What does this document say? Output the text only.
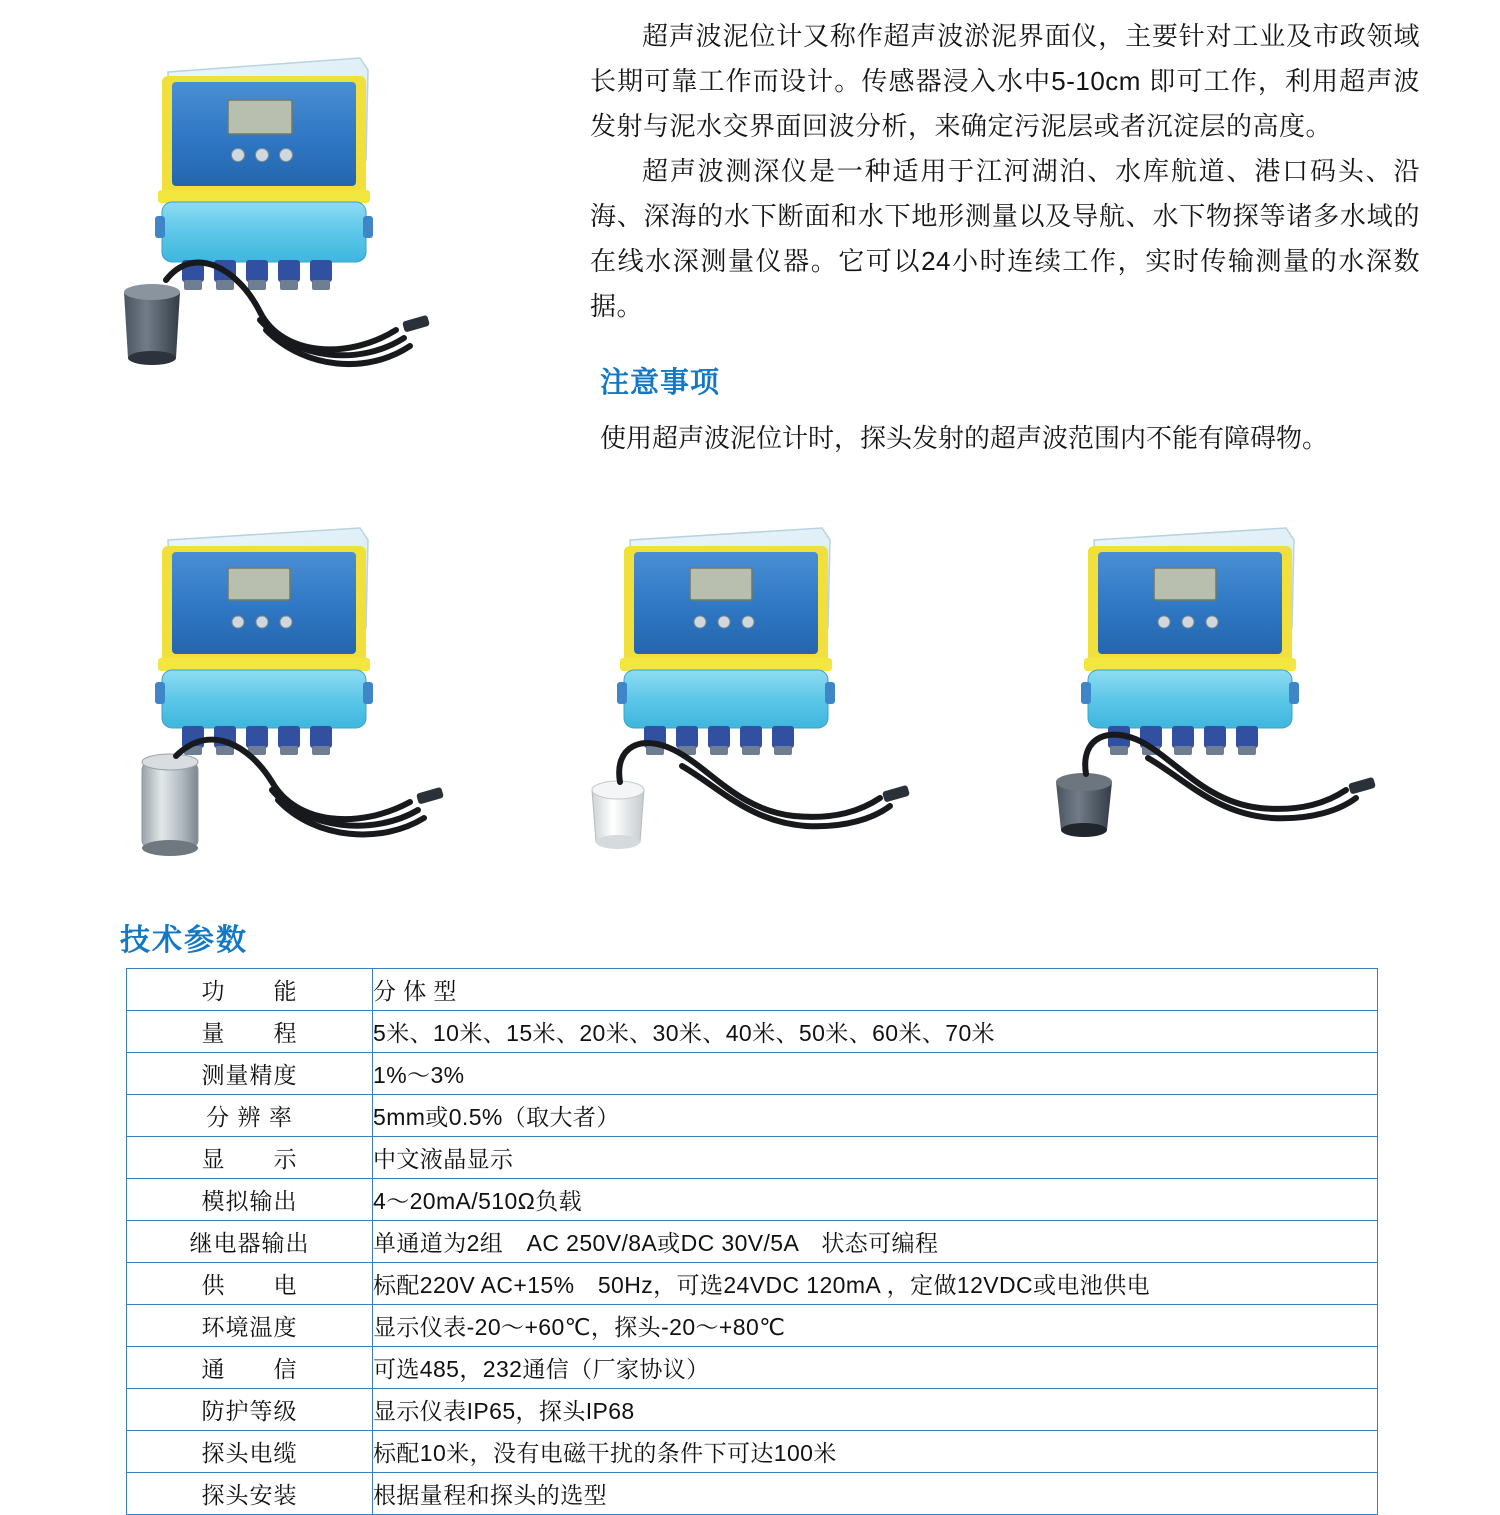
超声波泥位计又称作超声波淤泥界面仪，主要针对工业及市政领域长期可靠工作而设计。传感器浸入水中5-10cm 即可工作，利用超声波发射与泥水交界面回波分析，来确定污泥层或者沉淀层的高度。

超声波测深仪是一种适用于江河湖泊、水库航道、港口码头、沿海、深海的水下断面和水下地形测量以及导航、水下物探等诸多水域的在线水深测量仪器。它可以24小时连续工作，实时传输测量的水深数据。

注意事项
使用超声波泥位计时，探头发射的超声波范围内不能有障碍物。
技术参数
功　　能	分 体 型
量　　程	5米、10米、15米、20米、30米、40米、50米、60米、70米
测量精度	1%～3%
分 辨 率	5mm或0.5%（取大者）
显　　示	中文液晶显示
模拟输出	4～20mA/510Ω负载
继电器输出	单通道为2组　AC 250V/8A或DC 30V/5A　状态可编程
供　　电	标配220V AC+15%　50Hz，可选24VDC 120mA ，定做12VDC或电池供电
环境温度	显示仪表-20～+60℃，探头-20～+80℃
通　　信	可选485，232通信（厂家协议）
防护等级	显示仪表IP65，探头IP68
探头电缆	标配10米，没有电磁干扰的条件下可达100米
探头安装	根据量程和探头的选型
